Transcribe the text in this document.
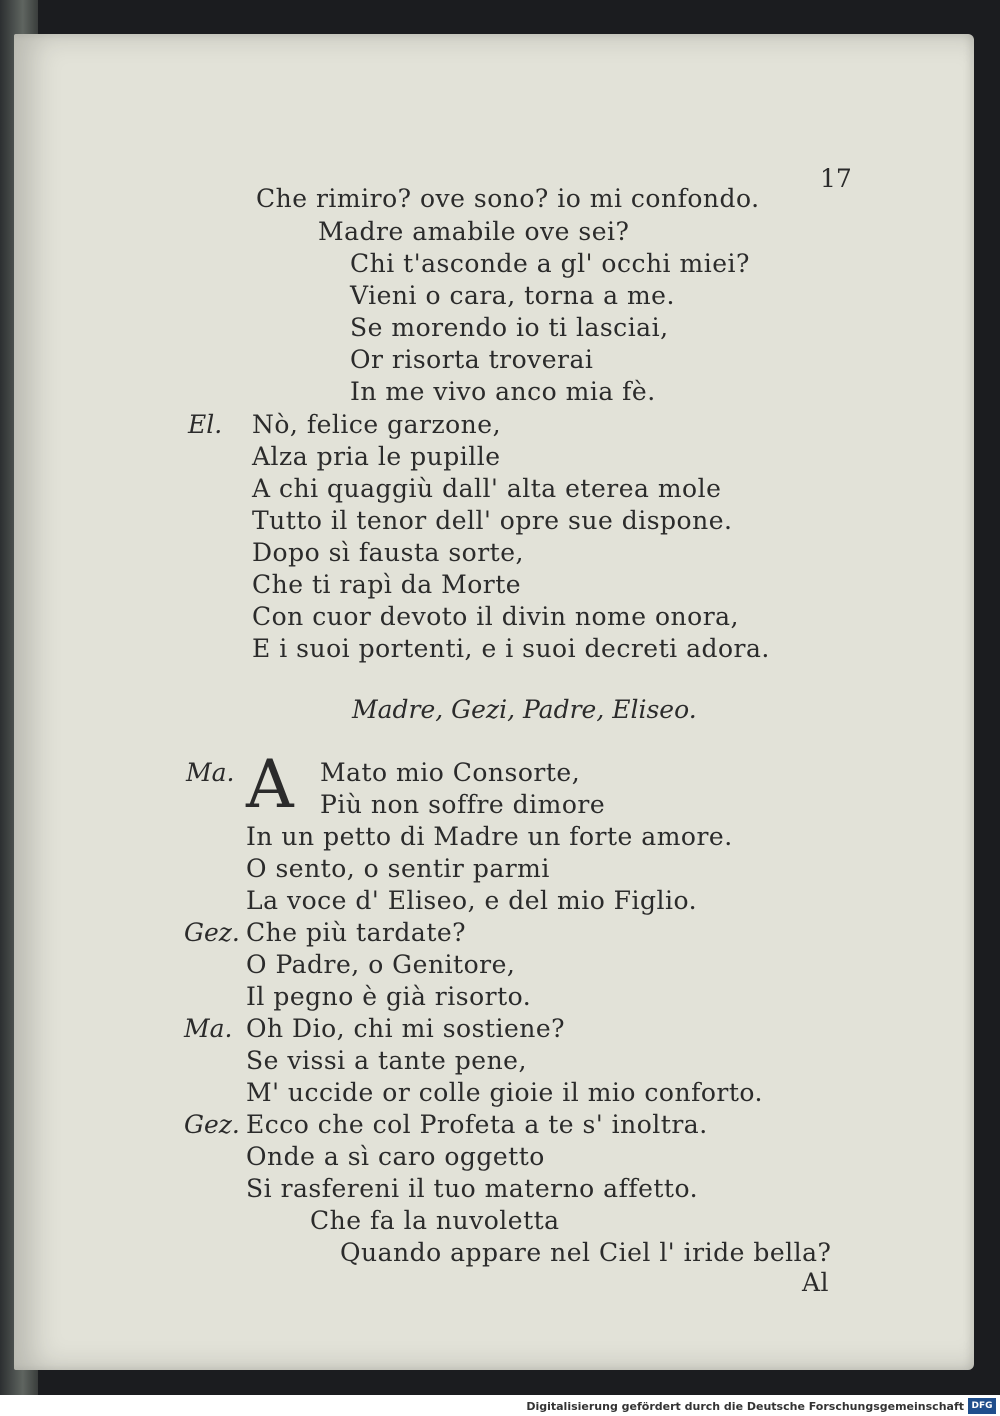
17
Che rimiro? ove sono? io mi confondo.
Madre amabile ove sei?
Chi t'asconde a gl' occhi miei?
Vieni o cara, torna a me.
Se morendo io ti lasciai,
Or risorta troverai
In me vivo anco mia fè.
El. Nò, felice garzone,
Alza pria le pupille
A chi quaggiù dall' alta eterea mole
Tutto il tenor dell' opre sue dispone.
Dopo sì fausta sorte,
Che ti rapì da Morte
Con cuor devoto il divin nome onora,
E i suoi portenti, e i suoi decreti adora.
Madre, Gezi, Padre, Eliseo.
A
Ma.	Mato mio Consorte,
Più non soffre dimore
In un petto di Madre un forte amore.
O sento, o sentir parmi
La voce d' Eliseo, e del mio Figlio.
Gez. Che più tardate?
O Padre, o Genitore,
Il pegno è già risorto.
Ma. Oh Dio, chi mi sostiene?
Se vissi a tante pene,
M' uccide or colle gioie il mio conforto.
Gez. Ecco che col Profeta a te s' inoltra.
Onde a sì caro oggetto
Si rasfereni il tuo materno affetto.
Che fa la nuvoletta
Quando appare nel Ciel l' iride bella?
Al
Digitalisierung gefördert durch die Deutsche Forschungsgemeinschaft DFG
